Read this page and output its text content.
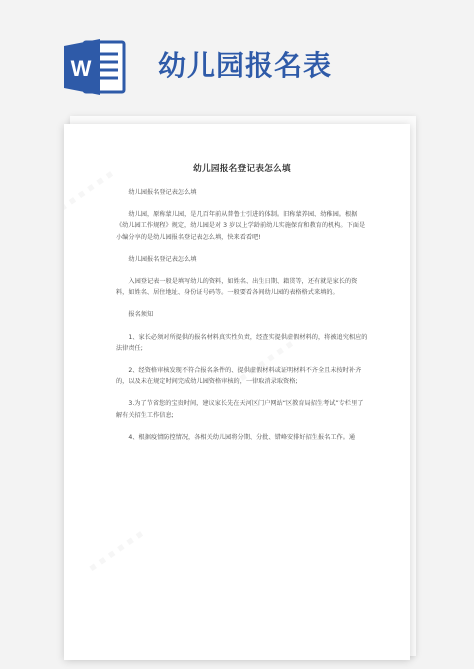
W 幼儿园报名表
幼儿园报名登记表怎么填

幼儿园报名登记表怎么填

幼儿园，原称蒙儿园，是几百年前从普鲁士引进的体制。旧称蒙养园、幼稚园。根据《幼儿园工作规程》规定，幼儿园是对 3 岁以上学龄前幼儿实施保育和教育的机构。下面是小编分享的是幼儿园报名登记表怎么填，快来看看吧!

幼儿园报名登记表怎么填

入园登记表一般是填写幼儿的资料，如姓名、出生日期、籍贯等，还有就是家长的资料，如姓名、居住地址、身份证号码等。一般要看各间幼儿园的表格格式来填的。

报名须知

1、家长必须对所提供的报名材料真实性负责，经查实提供虚假材料的，将被追究相应的法律责任;

2、经资格审核发现不符合报名条件的、提供虚假材料或证明材料不齐全且未按时补齐的，以及未在规定时间完成幼儿园资格审核的，一律取消录取资格;

3.为了节省您的宝贵时间，建议家长先在天河区门户网站“区教育局招生考试”专栏里了解有关招生工作信息;

4、根据疫情防控情况，各相关幼儿园将分期、分批、错峰安排好招生报名工作。通
